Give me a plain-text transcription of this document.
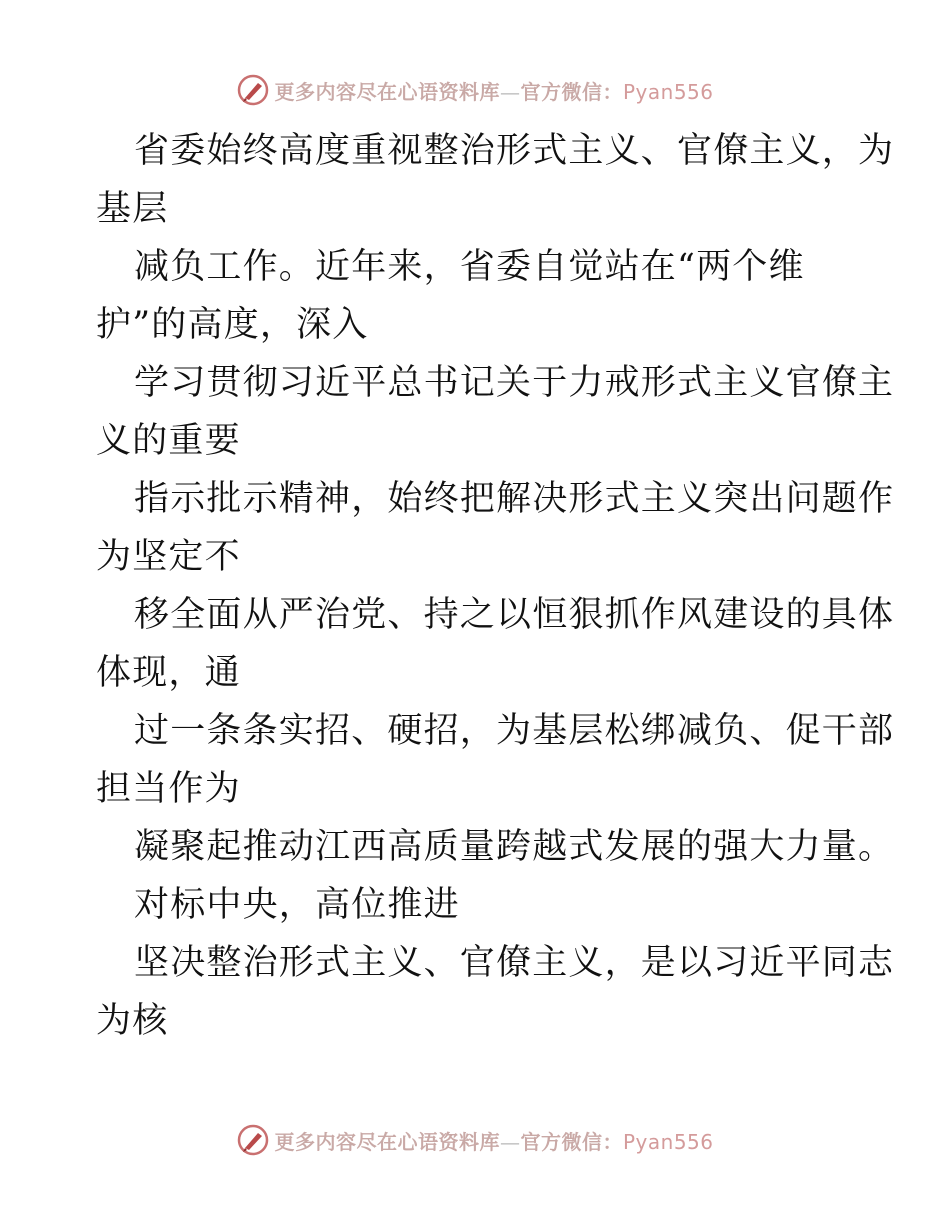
更多内容尽在心语资料库—官方微信：Pyan556
省委始终高度重视整治形式主义、官僚主义，为
基层
减负工作。近年来，省委自觉站在“两个维
护”的高度，深入
学习贯彻习近平总书记关于力戒形式主义官僚主
义的重要
指示批示精神，始终把解决形式主义突出问题作
为坚定不
移全面从严治党、持之以恒狠抓作风建设的具体
体现，通
过一条条实招、硬招，为基层松绑减负、促干部
担当作为
凝聚起推动江西高质量跨越式发展的强大力量。
对标中央，高位推进
坚决整治形式主义、官僚主义，是以习近平同志
为核
更多内容尽在心语资料库—官方微信：Pyan556
